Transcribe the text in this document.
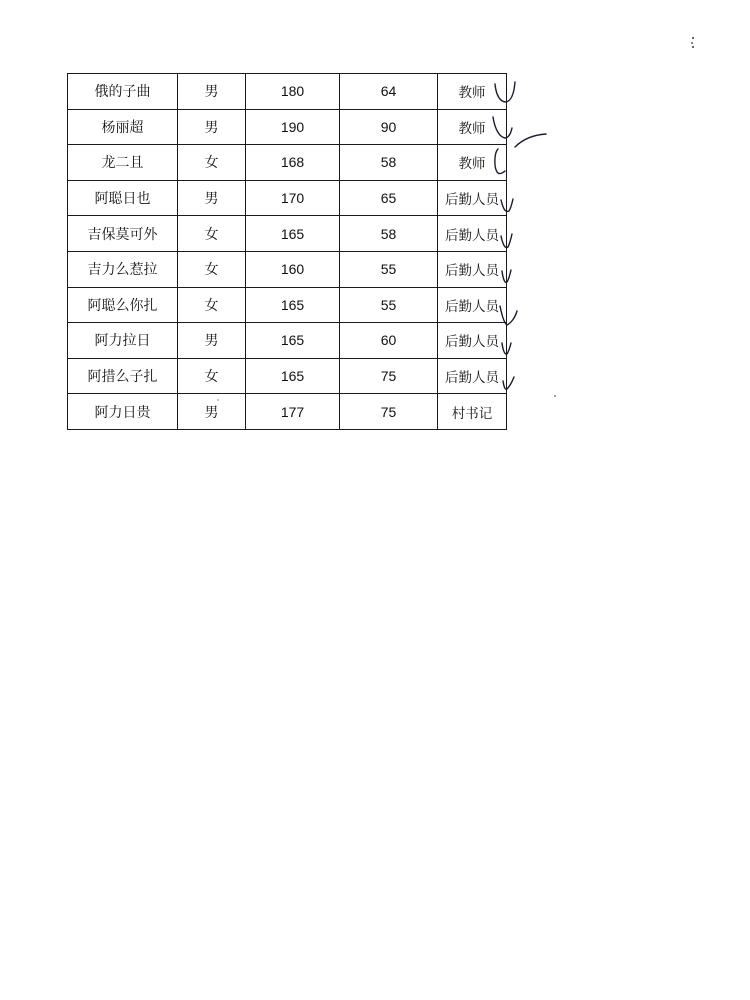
俄的子曲	男	180	64	教师
杨丽超	男	190	90	教师
龙二且	女	168	58	教师
阿聪日也	男	170	65	后勤人员
吉保莫可外	女	165	58	后勤人员
吉力么惹拉	女	160	55	后勤人员
阿聪么你扎	女	165	55	后勤人员
阿力拉日	男	165	60	后勤人员
阿措么子扎	女	165	75	后勤人员
阿力日贵	男	177	75	村书记
